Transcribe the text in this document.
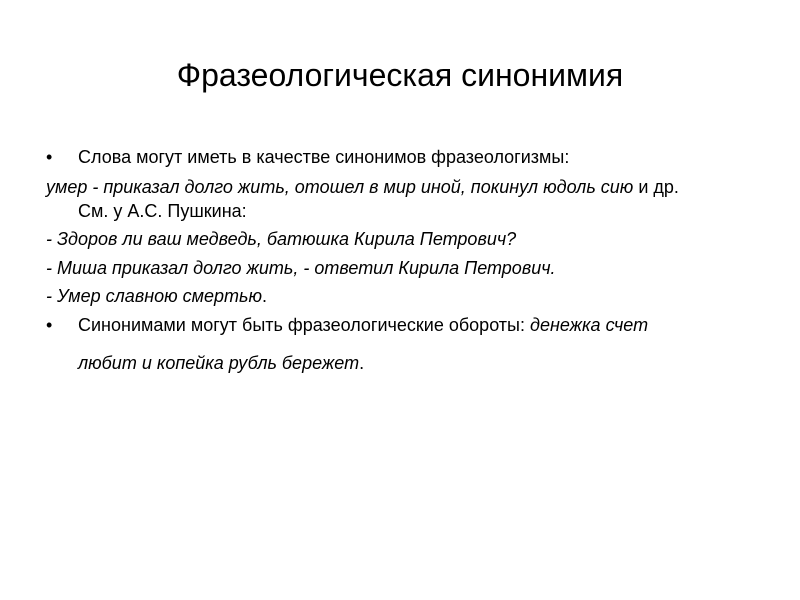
Фразеологическая синонимия
• Слова могут иметь в качестве синонимов фразеологизмы:
умер - приказал долго жить, отошел в мир иной, покинул юдоль сию и др.
См. у А.С. Пушкина:
- Здоров ли ваш медведь, батюшка Кирила Петрович?
- Миша приказал долго жить, - ответил Кирила Петрович.
- Умер славною смертью.
• Синонимами могут быть фразеологические обороты: денежка счет
любит и копейка рубль бережет.
